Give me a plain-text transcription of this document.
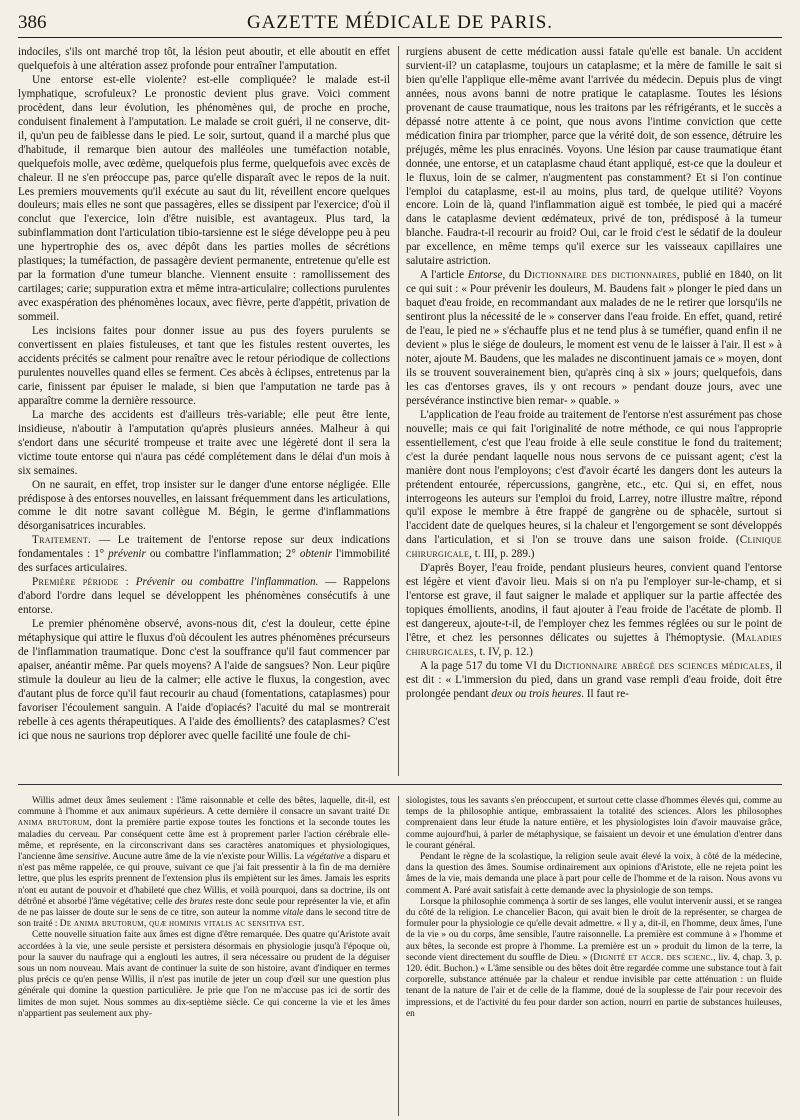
386	GAZETTE MÉDICALE DE PARIS.

indociles, s'ils ont marché trop tôt, la lésion peut aboutir, et elle aboutit en effet quelquefois à une altération assez profonde pour entraîner l'amputation.

Une entorse est-elle violente? est-elle compliquée? le malade est-il lymphatique, scrofuleux? Le pronostic devient plus grave. Voici comment procèdent, dans leur évolution, les phénomènes qui, de proche en proche, conduisent finalement à l'amputation. Le malade se croit guéri, il ne conserve, dit-il, qu'un peu de faiblesse dans le pied. Le soir, surtout, quand il a marché plus que d'habitude, il remarque bien autour des malléoles une tuméfaction notable, quelquefois molle, avec œdème, quelquefois plus ferme, quelquefois avec excès de chaleur. Il ne s'en préoccupe pas, parce qu'elle disparaît avec le repos de la nuit. Les premiers mouvements qu'il exécute au saut du lit, réveillent encore quelques douleurs; mais elles ne sont que passagères, elles se dissipent par l'exercice; d'où il conclut que l'exercice, loin d'être nuisible, est avantageux. Plus tard, la subinflammation dont l'articulation tibio-tarsienne est le siége développe peu à peu une hypertrophie des os, avec dépôt dans les parties molles de sécrétions plastiques; la tuméfaction, de passagère devient permanente, entretenue qu'elle est par la formation d'une tumeur blanche. Viennent ensuite : ramollissement des cartilages; carie; suppuration extra et même intra-articulaire; collections purulentes avec exaspération des phénomènes locaux, avec fièvre, perte d'appétit, privation de sommeil.

Les incisions faites pour donner issue au pus des foyers purulents se convertissent en plaies fistuleuses, et tant que les fistules restent ouvertes, les accidents précités se calment pour renaître avec le retour périodique de collections purulentes nouvelles quand elles se ferment. Ces abcès à éclipses, entretenus par la carie, finissent par épuiser le malade, si bien que l'amputation ne tarde pas à apparaître comme la dernière ressource.

La marche des accidents est d'ailleurs très-variable; elle peut être lente, insidieuse, n'aboutir à l'amputation qu'après plusieurs années. Malheur à qui s'endort dans une sécurité trompeuse et traite avec une légèreté dont il sera la victime toute entorse qui n'aura pas cédé complétement dans le délai d'un mois à six semaines.

On ne saurait, en effet, trop insister sur le danger d'une entorse négligée. Elle prédispose à des entorses nouvelles, en laissant fréquemment dans les articulations, comme le dit notre savant collègue M. Bégin, le germe d'inflammations désorganisatrices incurables.

Traitement. — Le traitement de l'entorse repose sur deux indications fondamentales : 1° prévenir ou combattre l'inflammation; 2° obtenir l'immobilité des surfaces articulaires.

Première période : Prévenir ou combattre l'inflammation. — Rappelons d'abord l'ordre dans lequel se développent les phénomènes consécutifs à une entorse.

Le premier phénomène observé, avons-nous dit, c'est la douleur, cette épine métaphysique qui attire le fluxus d'où découlent les autres phénomènes précurseurs de l'inflammation traumatique. Donc c'est la souffrance qu'il faut commencer par apaiser, anéantir même. Par quels moyens? A l'aide de sangsues? Non. Leur piqûre stimule la douleur au lieu de la calmer; elle active le fluxus, la congestion, avec d'autant plus de force qu'il faut recourir au chaud (fomentations, cataplasmes) pour favoriser l'écoulement sanguin. A l'aide d'opiacés? l'acuité du mal se montrerait rebelle à ces agents thérapeutiques. A l'aide des émollients? des cataplasmes? C'est ici que nous ne saurions trop déplorer avec quelle facilité une foule de chi-

rurgiens abusent de cette médication aussi fatale qu'elle est banale. Un accident survient-il? un cataplasme, toujours un cataplasme; et la mère de famille le sait si bien qu'elle l'applique elle-même avant l'arrivée du médecin. Depuis plus de vingt années, nous avons banni de notre pratique le cataplasme. Toutes les lésions provenant de cause traumatique, nous les traitons par les réfrigérants, et le succès a dépassé notre attente à ce point, que nous avons l'intime conviction que cette médication finira par triompher, parce que la vérité doit, de son essence, détruire les préjugés, même les plus enracinés. Voyons. Une lésion par cause traumatique étant donnée, une entorse, et un cataplasme chaud étant appliqué, est-ce que la douleur et le fluxus, loin de se calmer, n'augmentent pas constamment? Et si l'on continue l'emploi du cataplasme, est-il au moins, plus tard, de quelque utilité? Voyons encore. Loin de là, quand l'inflammation aiguë est tombée, le pied qui a macéré dans le cataplasme devient œdémateux, privé de ton, prédisposé à la tumeur blanche. Faudra-t-il recourir au froid? Oui, car le froid c'est le sédatif de la douleur par excellence, en même temps qu'il exerce sur les vaisseaux capillaires une salutaire astriction.

A l'article Entorse, du Dictionnaire des dictionnaires, publié en 1840, on lit ce qui suit : « Pour prévenir les douleurs, M. Baudens fait » plonger le pied dans un baquet d'eau froide, en recommandant aux malades de ne le retirer que lorsqu'ils ne sentiront plus la nécessité de le » conserver dans l'eau froide. En effet, quand, retiré de l'eau, le pied ne » s'échauffe plus et ne tend plus à se tuméfier, quand enfin il ne devient » plus le siége de douleurs, le moment est venu de le laisser à l'air. Il est » à noter, ajoute M. Baudens, que les malades ne discontinuent jamais ce » moyen, dont ils se trouvent souverainement bien, qu'après cinq à six » jours; quelquefois, dans les cas d'entorses graves, ils y ont recours » pendant douze jours, avec une persévérance instinctive bien remar- » quable. »

L'application de l'eau froide au traitement de l'entorse n'est assurément pas chose nouvelle; mais ce qui fait l'originalité de notre méthode, ce qui nous l'approprie essentiellement, c'est que l'eau froide à elle seule constitue le fond du traitement; c'est la durée pendant laquelle nous nous servons de ce puissant agent; c'est la manière dont nous l'employons; c'est d'avoir écarté les dangers dont les auteurs la prétendent entourée, répercussions, gangrène, etc., etc. Qui si, en effet, nous interrogeons les auteurs sur l'emploi du froid, Larrey, notre illustre maître, répond qu'il expose le membre à être frappé de gangrène ou de sphacèle, surtout si l'accident date de quelques heures, si la chaleur et l'engorgement se sont développés dans l'articulation, et si l'on se trouve dans une saison froide. (Clinique chirurgicale, t. III, p. 289.)

D'après Boyer, l'eau froide, pendant plusieurs heures, convient quand l'entorse est légère et vient d'avoir lieu. Mais si on n'a pu l'employer sur-le-champ, et si l'entorse est grave, il faut saigner le malade et appliquer sur la partie affectée des topiques émollients, anodins, il faut ajouter à l'eau froide de l'acétate de plomb. Il est dangereux, ajoute-t-il, de l'employer chez les femmes réglées ou sur le point de l'être, et chez les personnes délicates ou sujettes à l'hémoptysie. (Maladies chirurgicales, t. IV, p. 12.)

A la page 517 du tome VI du Dictionnaire abrégé des sciences médicales, il est dit : « L'immersion du pied, dans un grand vase rempli d'eau froide, doit être prolongée pendant deux ou trois heures. Il faut re-

Willis admet deux âmes seulement : l'âme raisonnable et celle des bêtes, laquelle, dit-il, est commune à l'homme et aux animaux supérieurs. A cette dernière il consacre un savant traité De anima brutorum, dont la première partie expose toutes les fonctions et la seconde toutes les maladies du cerveau. Par conséquent cette âme est à proprement parler l'action cérébrale elle-même, et représente, en la circonscrivant dans ses caractères anatomiques et physiologiques, l'ancienne âme sensitive. Aucune autre âme de la vie n'existe pour Willis. La végétative a disparu et n'est pas même rappelée, ce qui prouve, suivant ce que j'ai fait pressentir à la fin de ma dernière lettre, que plus les esprits prennent de l'extension plus ils empiètent sur les âmes. Jamais les esprits n'ont eu autant de pouvoir et d'habileté que chez Willis, et voilà pourquoi, dans sa doctrine, ils ont détrôné et absorbé l'âme végétative; celle des brutes reste donc seule pour représenter la vie, et afin de ne pas laisser de doute sur le sens de ce titre, son auteur la nomme vitale dans le second titre de son traité : De anima brutorum, quæ hominis vitalis ac sensitiva est.

Cette nouvelle situation faite aux âmes est digne d'être remarquée. Des quatre qu'Aristote avait accordées à la vie, une seule persiste et persistera désormais en physiologie jusqu'à l'époque où, pour la sauver du naufrage qui a englouti les autres, il sera nécessaire ou prudent de la déguiser sous un nom nouveau. Mais avant de continuer la suite de son histoire, avant d'indiquer en termes plus précis ce qu'en pense Willis, il n'est pas inutile de jeter un coup d'œil sur une question plus générale qui domine la question particulière. Je prie que l'on ne m'accuse pas ici de sortir des limites de mon sujet. Nous sommes au dix-septième siècle. Ce qui concerne la vie et les âmes n'appartient pas seulement aux phy-

siologistes, tous les savants s'en préoccupent, et surtout cette classe d'hommes élevés qui, comme au temps de la philosophie antique, embrassaient la totalité des sciences. Alors les philosophes comprenaient dans leur étude la nature entière, et les physiologistes loin d'avoir mauvaise grâce, comme aujourd'hui, à parler de métaphysique, se faisaient un devoir et une émulation d'entrer dans le courant général.

Pendant le règne de la scolastique, la religion seule avait élevé la voix, à côté de la médecine, dans la question des âmes. Soumise ordinairement aux opinions d'Aristote, elle ne rejeta point les âmes de la vie, mais demanda une place à part pour celle de l'homme et de la raison. Nous avons vu comment A. Paré avait satisfait à cette demande avec la physiologie de son temps.

Lorsque la philosophie commença à sortir de ses langes, elle voulut intervenir aussi, et se rangea du côté de la religion. Le chancelier Bacon, qui avait bien le droit de la représenter, se chargea de formuler pour la physiologie ce qu'elle devait admettre. « Il y a, dit-il, en l'homme, deux âmes, l'une de la vie » ou du corps, âme sensible, l'autre raisonnelle. La première est commune à » l'homme et aux bêtes, la seconde est propre à l'homme. La première est un » produit du limon de la terre, la seconde vient directement du souffle de Dieu. » (Dignité et accr. des scienc., liv. 4, chap. 3, p. 120. édit. Buchon.) « L'âme sensible ou des bêtes doit être regardée comme une substance tout à fait corporelle, substance atténuée par la chaleur et rendue invisible par cette atténuation : un fluide tenant de la nature de l'air et de celle de la flamme, doué de la souplesse de l'air pour recevoir des impressions, et de l'activité du feu pour darder son action, nourri en partie de substances huileuses, en
